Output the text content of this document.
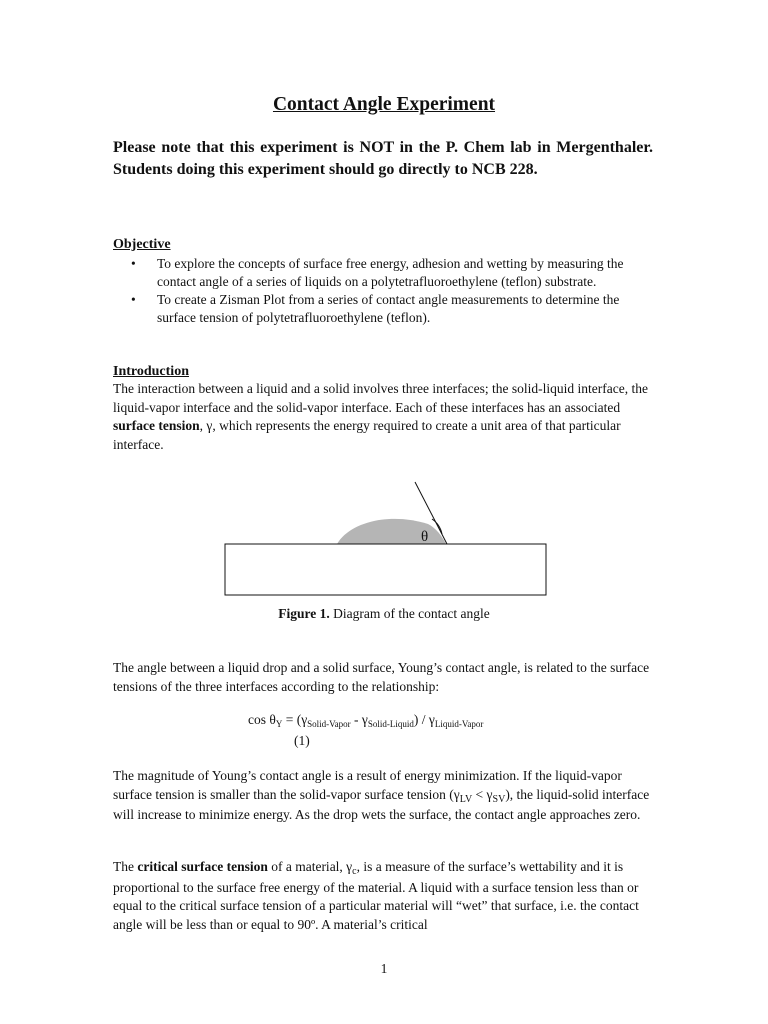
Contact Angle Experiment
Please note that this experiment is NOT in the P. Chem lab in Mergenthaler. Students doing this experiment should go directly to NCB 228.
Objective
• To explore the concepts of surface free energy, adhesion and wetting by measuring the contact angle of a series of liquids on a polytetrafluoroethylene (teflon) substrate.
• To create a Zisman Plot from a series of contact angle measurements to determine the surface tension of polytetrafluoroethylene (teflon).
Introduction

The interaction between a liquid and a solid involves three interfaces; the solid-liquid interface, the liquid-vapor interface and the solid-vapor interface. Each of these interfaces has an associated surface tension, γ, which represents the energy required to create a unit area of that particular interface.

θ
Figure 1. Diagram of the contact angle

The angle between a liquid drop and a solid surface, Young’s contact angle, is related to the surface tensions of the three interfaces according to the relationship:

$\cos \theta_Y = (\gamma_{Solid-Vapor} - \gamma_{Solid-Liquid}) / \gamma_{Liquid-Vapor}$
(1)

The magnitude of Young’s contact angle is a result of energy minimization. If the liquid-vapor surface tension is smaller than the solid-vapor surface tension $(\gamma_{LV} < \gamma_{SV})$, the liquid-solid interface will increase to minimize energy. As the drop wets the surface, the contact angle approaches zero.

The critical surface tension of a material, $\gamma_c$, is a measure of the surface’s wettability and it is proportional to the surface free energy of the material. A liquid with a surface tension less than or equal to the critical surface tension of a particular material will “wet” that surface, i.e. the contact angle will be less than or equal to 90º. A material’s critical

1
